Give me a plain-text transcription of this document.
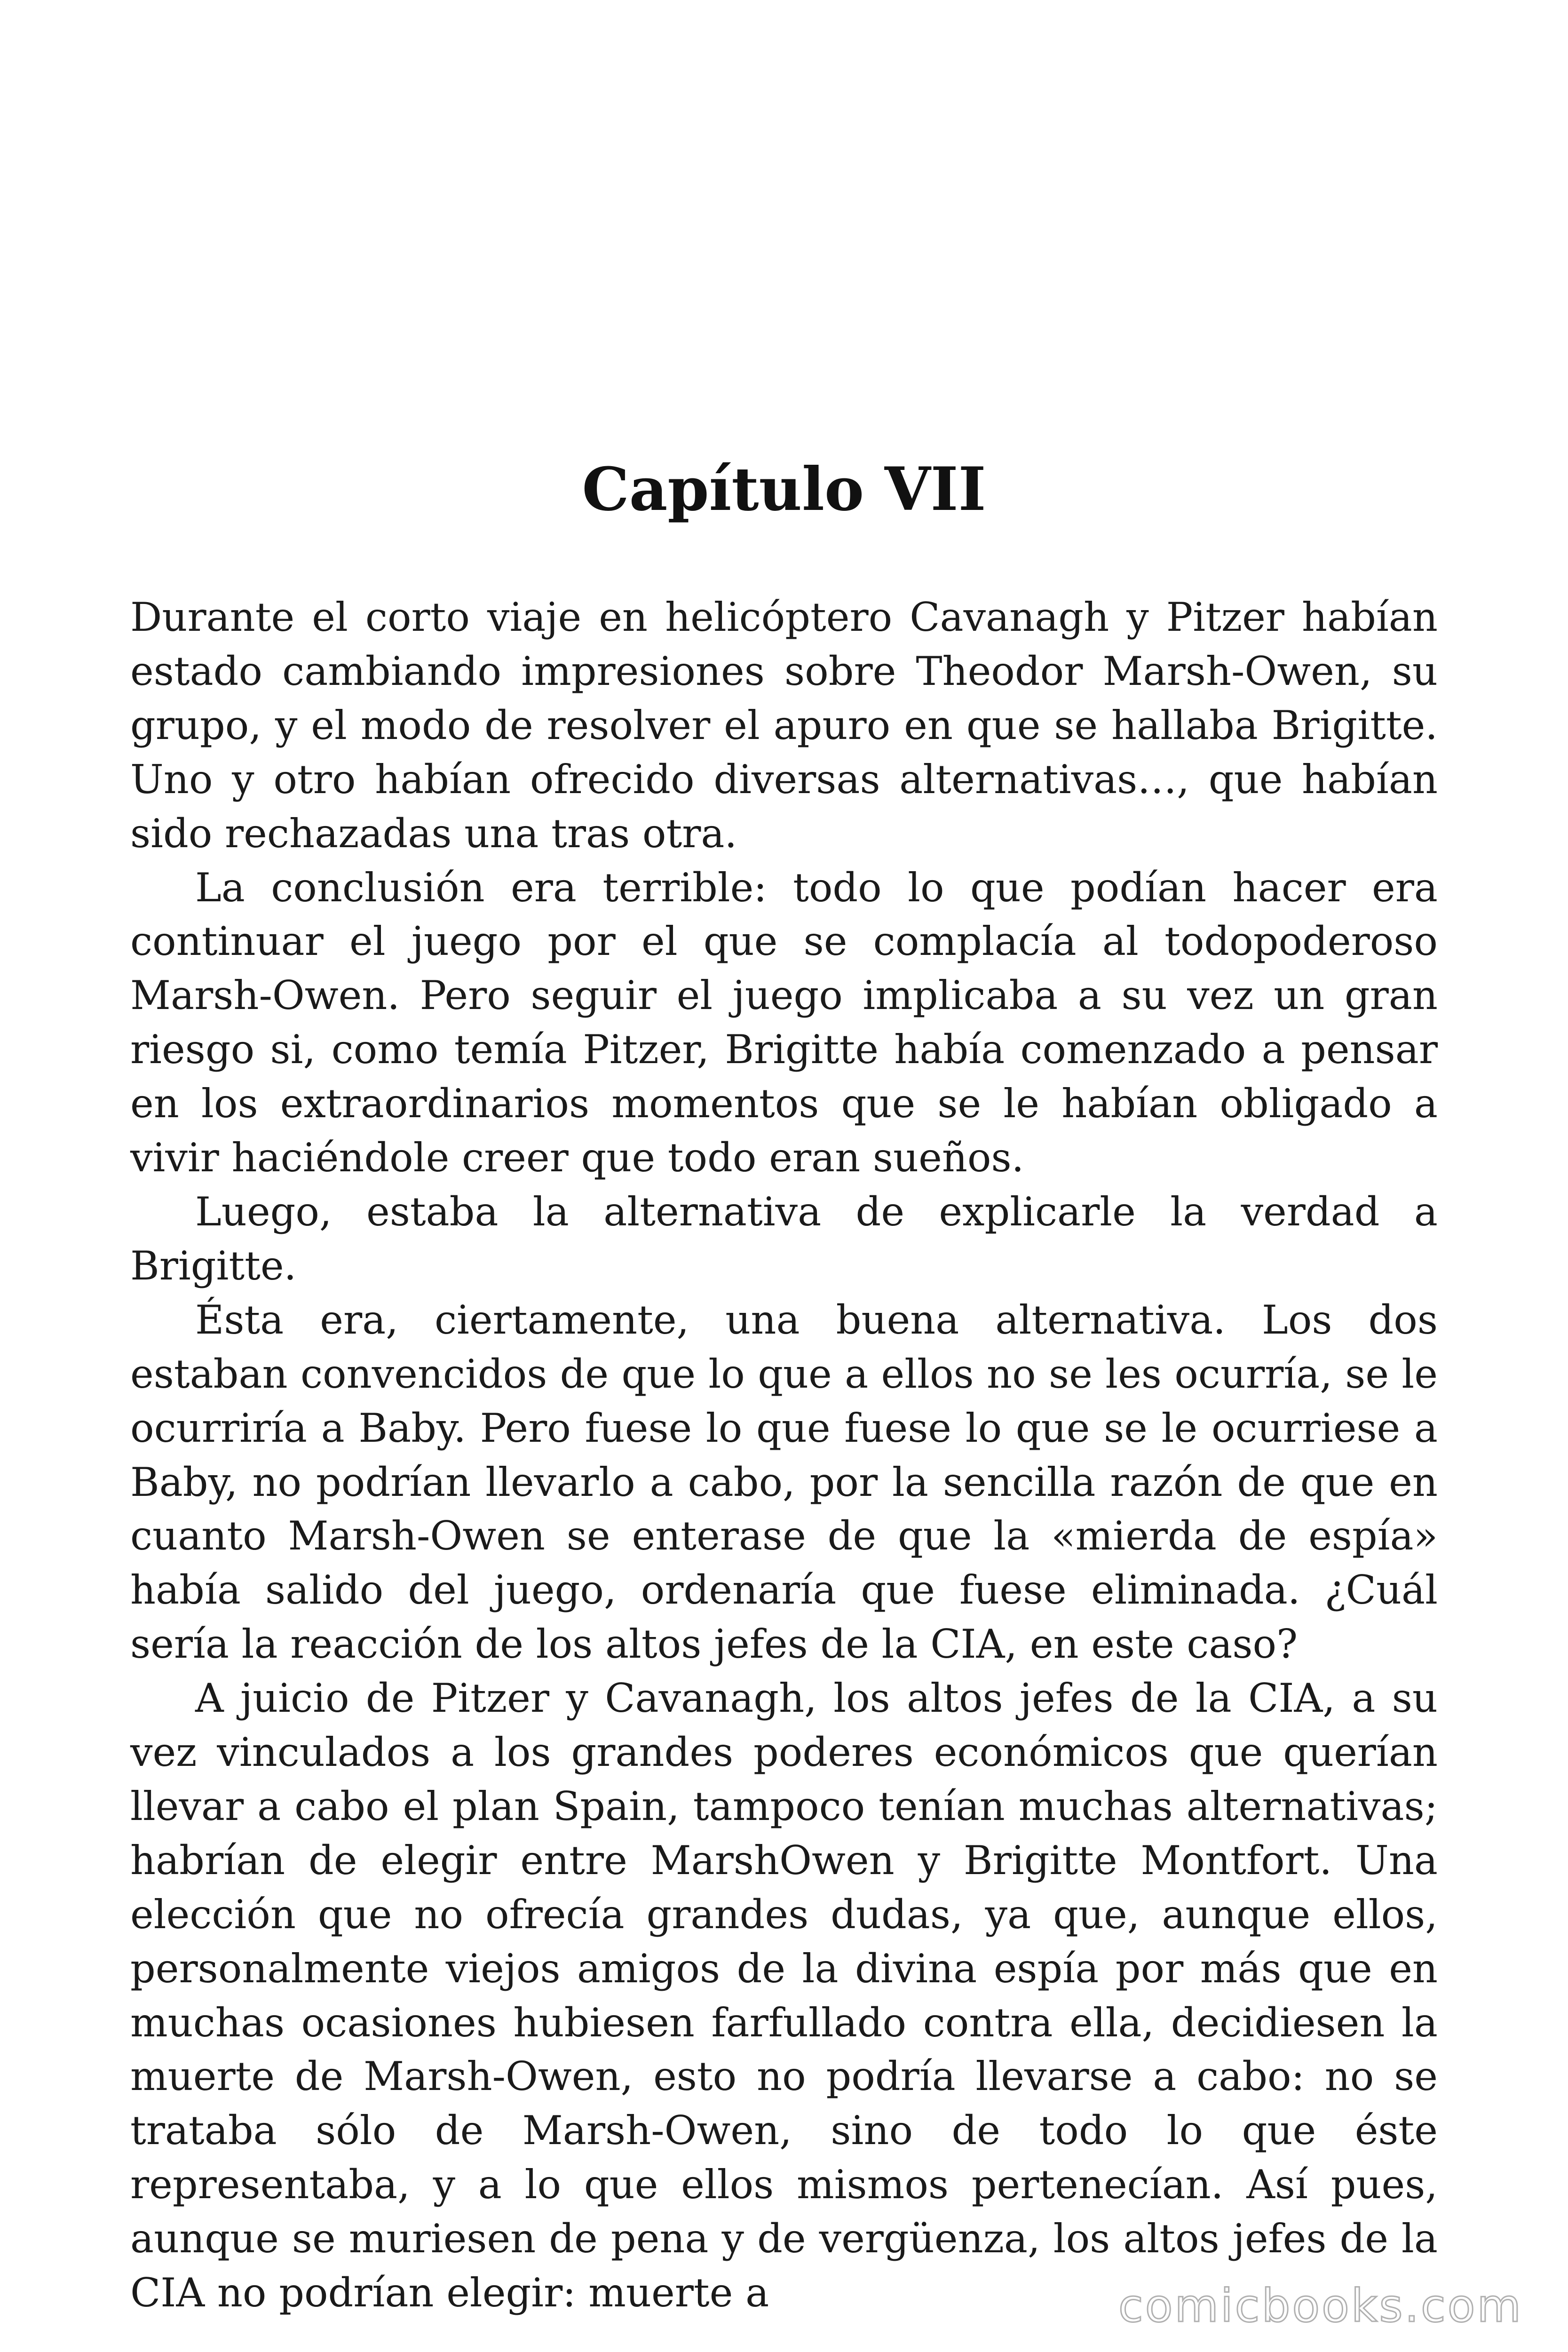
Capítulo VII

Durante el corto viaje en helicóptero Cavanagh y Pitzer habían estado cambiando impresiones sobre Theodor Marsh-Owen, su grupo, y el modo de resolver el apuro en que se hallaba Brigitte. Uno y otro habían ofrecido diversas alternativas…, que habían sido rechazadas una tras otra.

La conclusión era terrible: todo lo que podían hacer era continuar el juego por el que se complacía al todopoderoso Marsh-Owen. Pero seguir el juego implicaba a su vez un gran riesgo si, como temía Pitzer, Brigitte había comenzado a pensar en los extraordinarios momentos que se le habían obligado a vivir haciéndole creer que todo eran sueños.

Luego, estaba la alternativa de explicarle la verdad a Brigitte.

Ésta era, ciertamente, una buena alternativa. Los dos estaban convencidos de que lo que a ellos no se les ocurría, se le ocurriría a Baby. Pero fuese lo que fuese lo que se le ocurriese a Baby, no podrían llevarlo a cabo, por la sencilla razón de que en cuanto Marsh-Owen se enterase de que la «mierda de espía» había salido del juego, ordenaría que fuese eliminada. ¿Cuál sería la reacción de los altos jefes de la CIA, en este caso?

A juicio de Pitzer y Cavanagh, los altos jefes de la CIA, a su vez vinculados a los grandes poderes económicos que querían llevar a cabo el plan Spain, tampoco tenían muchas alternativas; habrían de elegir entre MarshOwen y Brigitte Montfort. Una elección que no ofrecía grandes dudas, ya que, aunque ellos, personalmente viejos amigos de la divina espía por más que en muchas ocasiones hubiesen farfullado contra ella, decidiesen la muerte de Marsh-Owen, esto no podría llevarse a cabo: no se trataba sólo de Marsh-Owen, sino de todo lo que éste representaba, y a lo que ellos mismos pertenecían. Así pues, aunque se muriesen de pena y de vergüenza, los altos jefes de la CIA no podrían elegir: muerte a	comicbooks.com
